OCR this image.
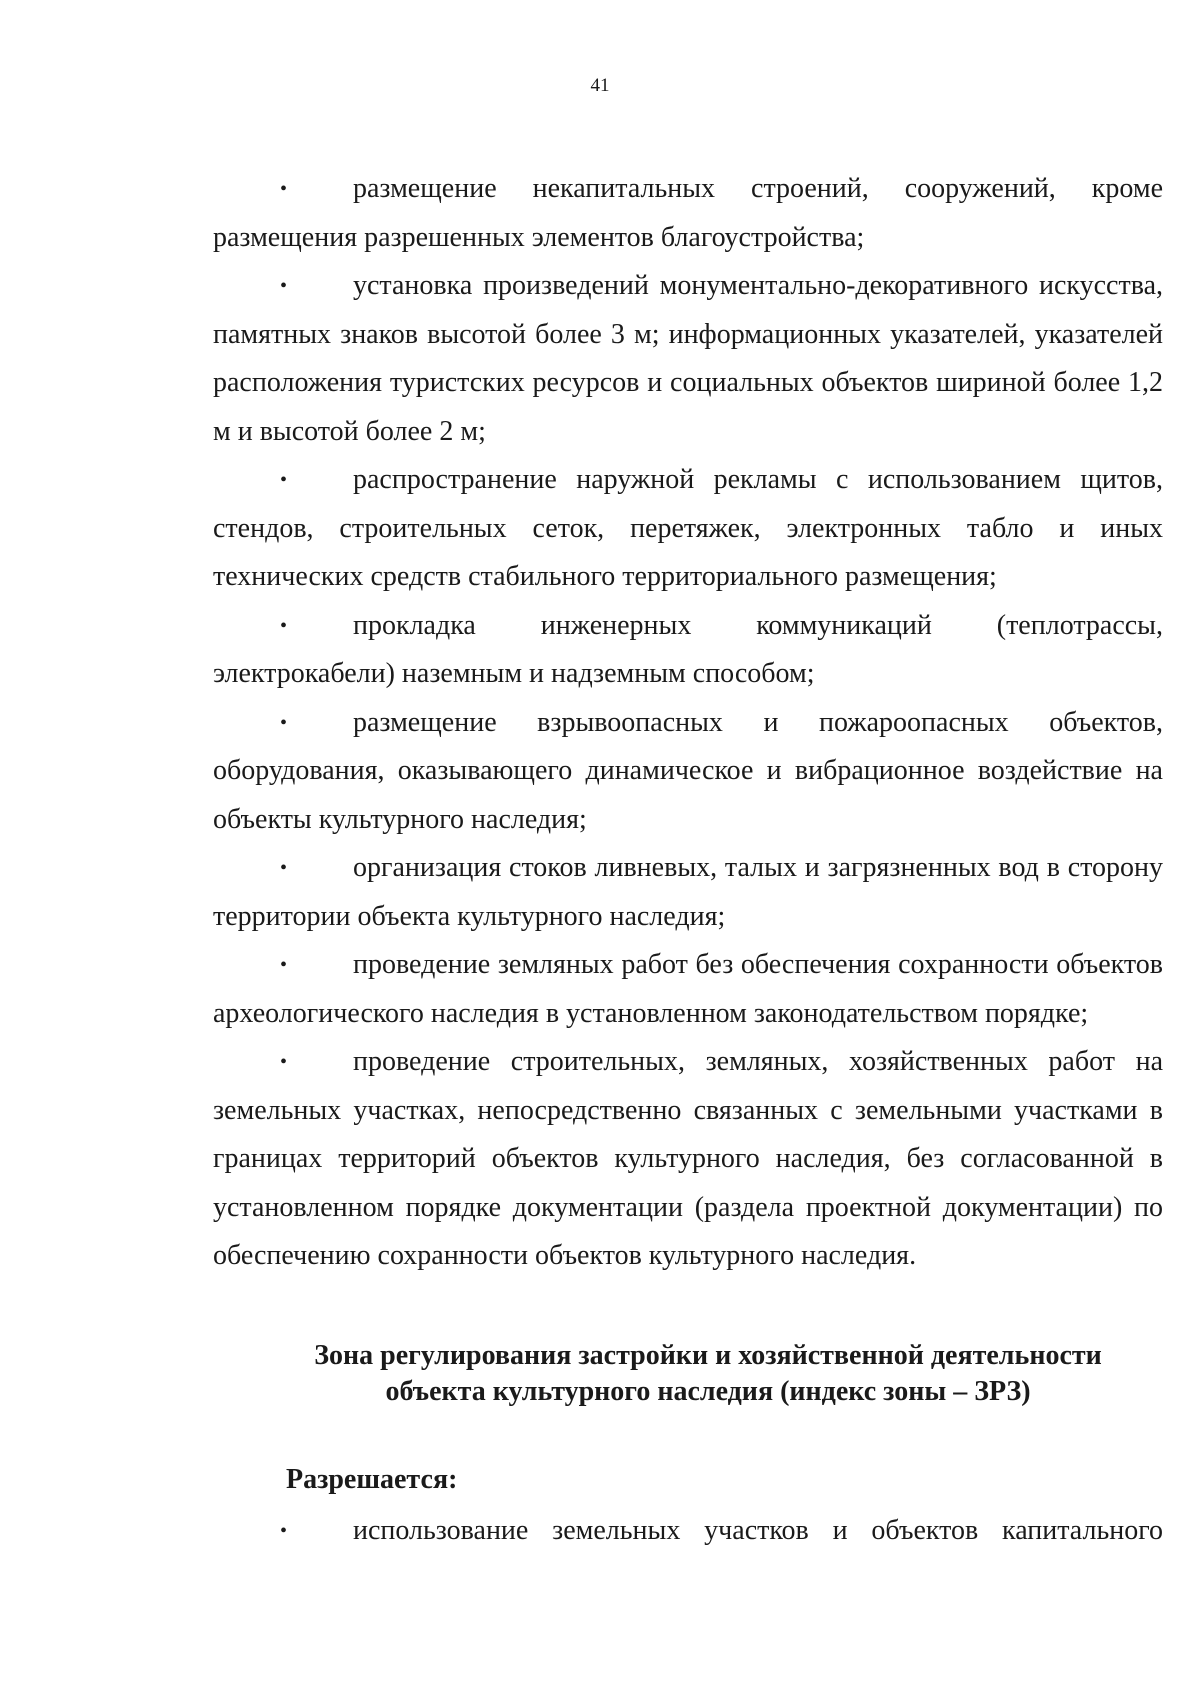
41

• размещение некапитальных строений, сооружений, кроме размещения разрешенных элементов благоустройства;

• установка произведений монументально-декоративного искусства, памятных знаков высотой более 3 м; информационных указателей, указателей расположения туристских ресурсов и социальных объектов шириной более 1,2 м и высотой более 2 м;

• распространение наружной рекламы с использованием щитов, стендов, строительных сеток, перетяжек, электронных табло и иных технических средств стабильного территориального размещения;

• прокладка инженерных коммуникаций (теплотрассы, электрокабели) наземным и надземным способом;

• размещение взрывоопасных и пожароопасных объектов, оборудования, оказывающего динамическое и вибрационное воздействие на объекты культурного наследия;

• организация стоков ливневых, талых и загрязненных вод в сторону территории объекта культурного наследия;

• проведение земляных работ без обеспечения сохранности объектов археологического наследия в установленном законодательством порядке;

• проведение строительных, земляных, хозяйственных работ на земельных участках, непосредственно связанных с земельными участками в границах территорий объектов культурного наследия, без согласованной в установленном порядке документации (раздела проектной документации) по обеспечению сохранности объектов культурного наследия.

Зона регулирования застройки и хозяйственной деятельности
объекта культурного наследия (индекс зоны – ЗРЗ)
Разрешается:

• использование земельных участков и объектов капитального
